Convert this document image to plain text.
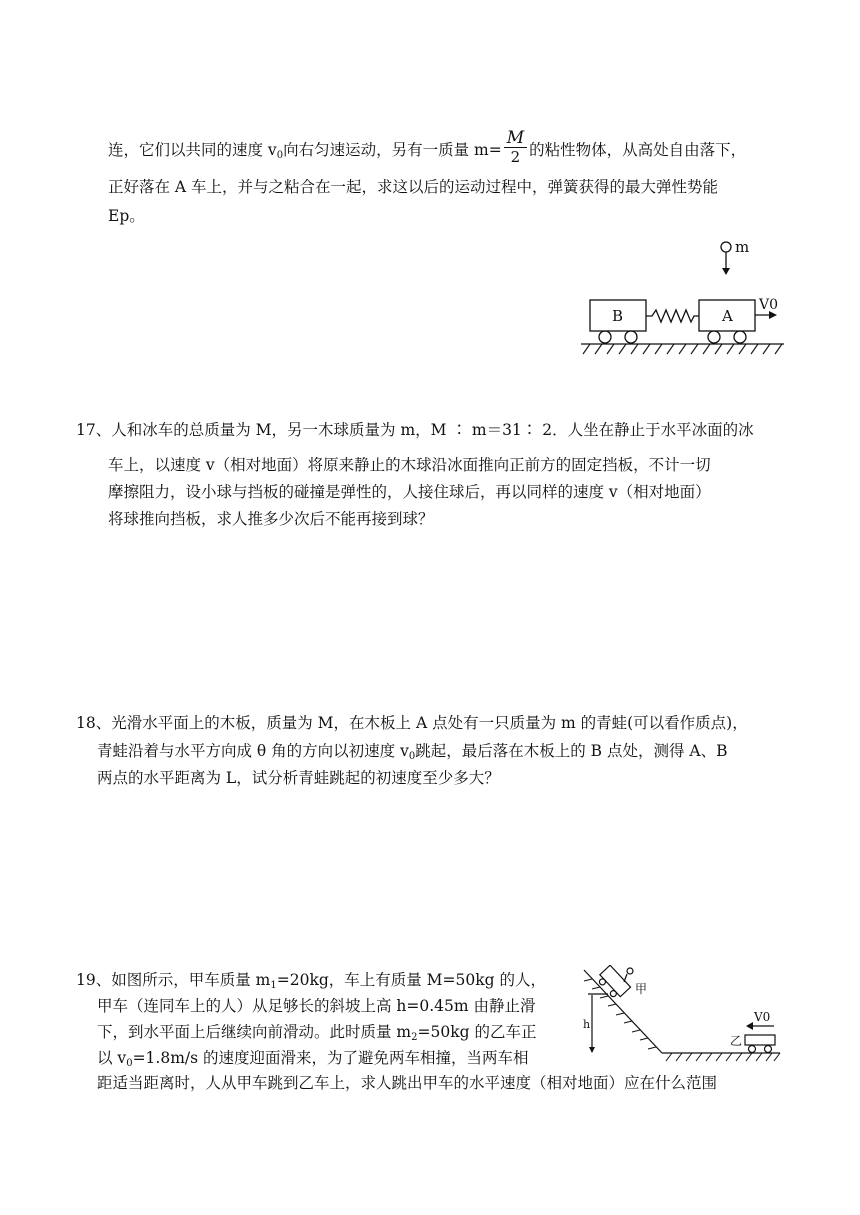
连，它们以共同的速度 $v_0$向右匀速运动，另有一质量 $m= \frac{M}{2}$ 的粘性物体，从高处自由落下，
正好落在 A 车上，并与之粘合在一起，求这以后的运动过程中，弹簧获得的最大弹性势能
Ep。
m
B	A
V0
17、人和冰车的总质量为 M，另一木球质量为 m，M ∶ m＝31∶ 2．人坐在静止于水平冰面的冰
车上，以速度 v（相对地面）将原来静止的木球沿冰面推向正前方的固定挡板，不计一切
摩擦阻力，设小球与挡板的碰撞是弹性的，人接住球后，再以同样的速度 v（相对地面）
将球推向挡板，求人推多少次后不能再接到球？
18、光滑水平面上的木板，质量为 M，在木板上 A 点处有一只质量为 m 的青蛙(可以看作质点)，
青蛙沿着与水平方向成 θ 角的方向以初速度 $v_0$跳起，最后落在木板上的 B 点处，测得 A、B
两点的水平距离为 L，试分析青蛙跳起的初速度至少多大？
19、如图所示，甲车质量 $m_1=20kg$，车上有质量 M=50kg 的人，
甲车（连同车上的人）从足够长的斜坡上高 h=0.45m 由静止滑
下，到水平面上后继续向前滑动。此时质量 $m_2=50kg$ 的乙车正
以 $v_0=1.8m/s$ 的速度迎面滑来，为了避免两车相撞，当两车相
距适当距离时，人从甲车跳到乙车上，求人跳出甲车的水平速度（相对地面）应在什么范围
甲
h
乙
V0
